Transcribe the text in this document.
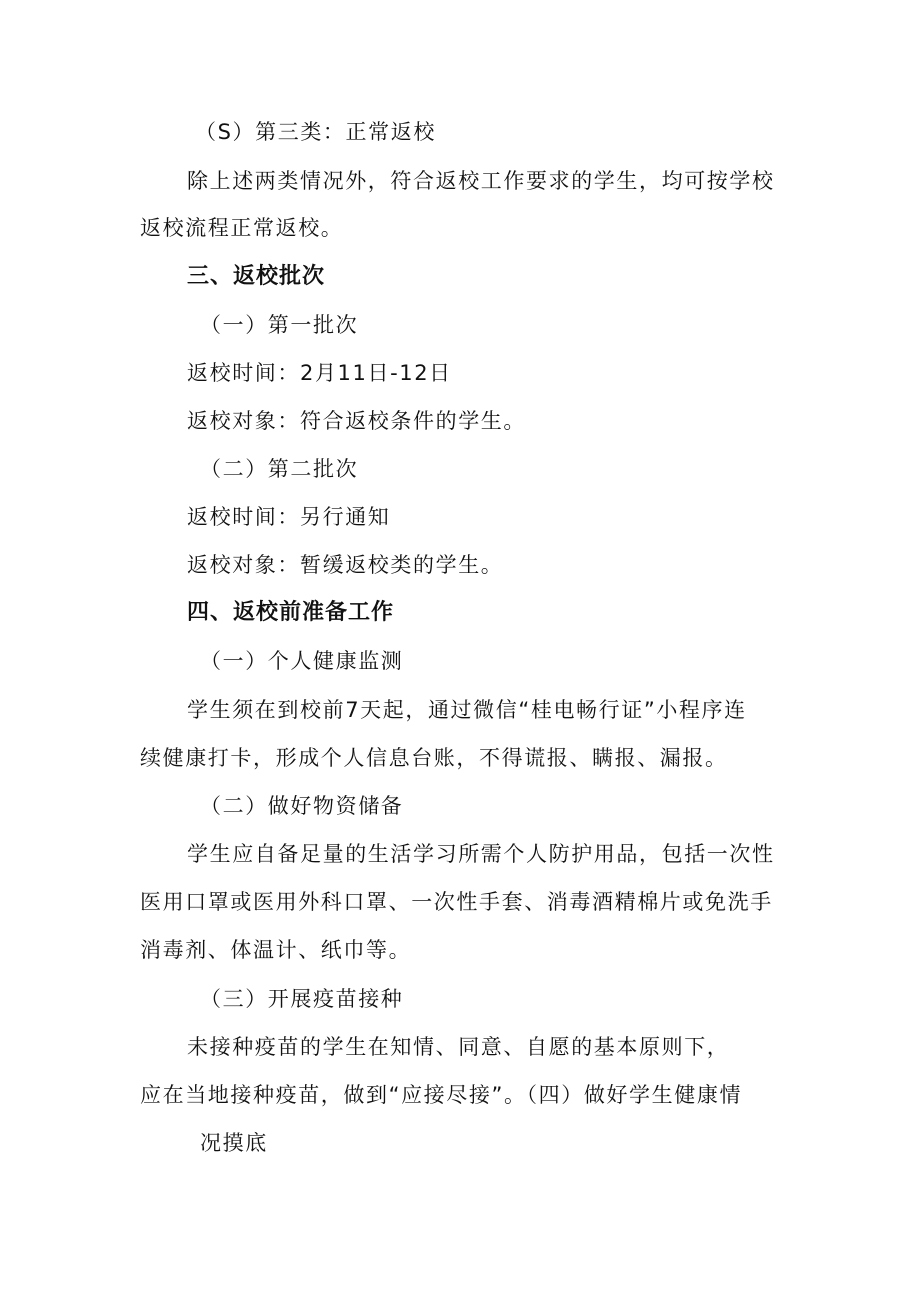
（S）第三类：正常返校
除上述两类情况外，符合返校工作要求的学生，均可按学校
返校流程正常返校。
三、返校批次
（一）第一批次
返校时间：2月11日-12日
返校对象：符合返校条件的学生。
（二）第二批次
返校时间：另行通知
返校对象：暂缓返校类的学生。
四、返校前准备工作
（一）个人健康监测
学生须在到校前7天起，通过微信“桂电畅行证”小程序连
续健康打卡，形成个人信息台账，不得谎报、瞒报、漏报。
（二）做好物资储备
学生应自备足量的生活学习所需个人防护用品，包括一次性
医用口罩或医用外科口罩、一次性手套、消毒酒精棉片或免洗手
消毒剂、体温计、纸巾等。
（三）开展疫苗接种
未接种疫苗的学生在知情、同意、自愿的基本原则下，
应在当地接种疫苗，做到“应接尽接”。（四）做好学生健康情
况摸底
